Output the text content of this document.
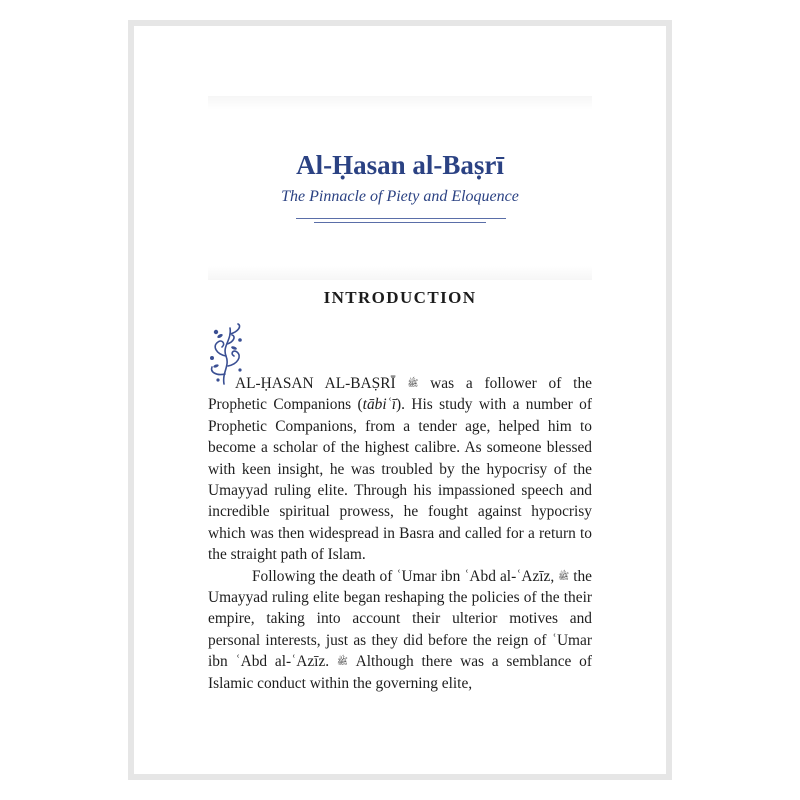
Al-Ḥasan al-Baṣrī

The Pinnacle of Piety and Eloquence

INTRODUCTION

AL-ḤASAN AL-BAṢRĪ ﷺ was a follower of the Prophetic Companions (tābiʿī). His study with a number of Prophetic Companions, from a tender age, helped him to become a scholar of the highest calibre. As someone blessed with keen insight, he was troubled by the hypocrisy of the Umayyad ruling elite. Through his impassioned speech and incredible spiritual prowess, he fought against hypocrisy which was then widespread in Basra and called for a return to the straight path of Islam.

Following the death of ʿUmar ibn ʿAbd al-ʿAzīz, ﷺ the Umayyad ruling elite began reshaping the policies of the their empire, taking into account their ulterior motives and personal interests, just as they did before the reign of ʿUmar ibn ʿAbd al-ʿAzīz. ﷺ Although there was a semblance of Islamic conduct within the governing elite,
